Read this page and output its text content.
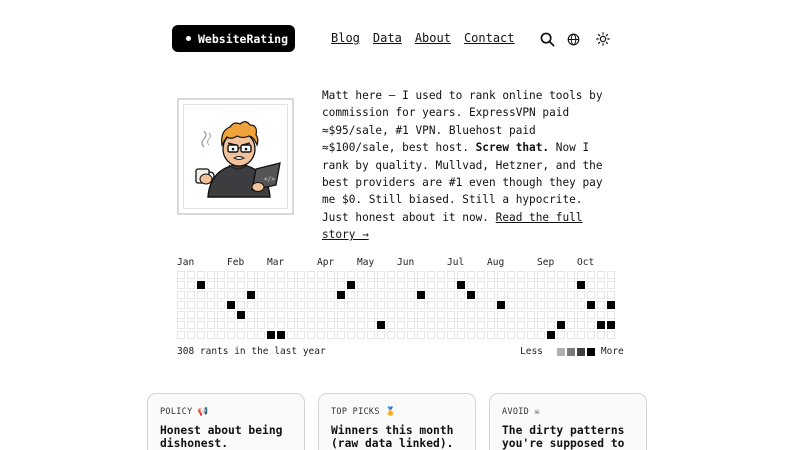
WebsiteRating	Blog Data About Contact
</>
Matt here — I used to rank online tools by commission for years. ExpressVPN paid ≈$95/sale, #1 VPN. Bluehost paid ≈$100/sale, best host. Screw that. Now I rank by quality. Mullvad, Hetzner, and the best providers are #1 even though they pay me $0. Still biased. Still a hypocrite. Just honest about it now. Read the full story →
Jan	Feb Mar	Apr May Jun	Jul Aug	Sep Oct
308 rants in the last year	Less	More
POLICY 📢
Honest about being dishonest.
TOP PICKS 🏅
Winners this month (raw data linked).
AVOID ☠
The dirty patterns you're supposed to
